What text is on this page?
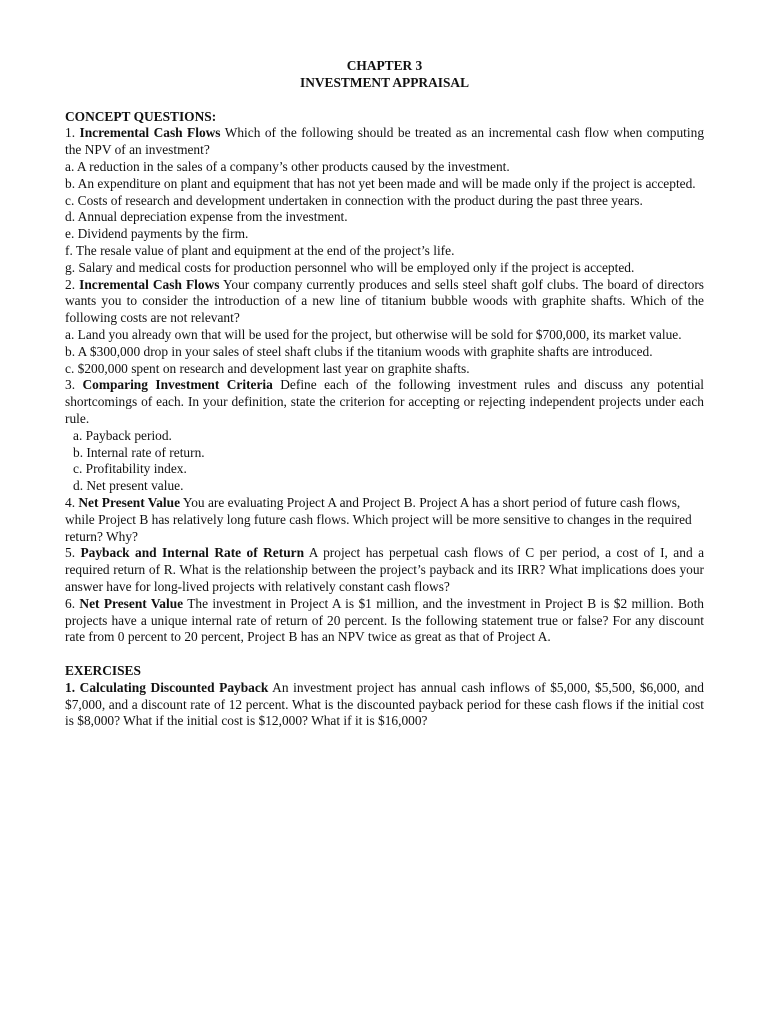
CHAPTER 3
INVESTMENT APPRAISAL
CONCEPT QUESTIONS:

1. Incremental Cash Flows Which of the following should be treated as an incremental cash flow when computing the NPV of an investment?

a. A reduction in the sales of a company’s other products caused by the investment.

b. An expenditure on plant and equipment that has not yet been made and will be made only if the project is accepted.

c. Costs of research and development undertaken in connection with the product during the past three years.

d. Annual depreciation expense from the investment.

e. Dividend payments by the firm.

f. The resale value of plant and equipment at the end of the project’s life.

g. Salary and medical costs for production personnel who will be employed only if the project is accepted.

2. Incremental Cash Flows Your company currently produces and sells steel shaft golf clubs. The board of directors wants you to consider the introduction of a new line of titanium bubble woods with graphite shafts. Which of the following costs are not relevant?

a. Land you already own that will be used for the project, but otherwise will be sold for $700,000, its market value.

b. A $300,000 drop in your sales of steel shaft clubs if the titanium woods with graphite shafts are introduced.

c. $200,000 spent on research and development last year on graphite shafts.

3. Comparing Investment Criteria Define each of the following investment rules and discuss any potential shortcomings of each. In your definition, state the criterion for accepting or rejecting independent projects under each rule.

a. Payback period.

b. Internal rate of return.

c. Profitability index.

d. Net present value.

4. Net Present Value You are evaluating Project A and Project B. Project A has a short period of future cash flows, while Project B has relatively long future cash flows. Which project will be more sensitive to changes in the required return? Why?

5. Payback and Internal Rate of Return A project has perpetual cash flows of C per period, a cost of I, and a required return of R. What is the relationship between the project’s payback and its IRR? What implications does your answer have for long-lived projects with relatively constant cash flows?

6. Net Present Value The investment in Project A is $1 million, and the investment in Project B is $2 million. Both projects have a unique internal rate of return of 20 percent. Is the following statement true or false? For any discount rate from 0 percent to 20 percent, Project B has an NPV twice as great as that of Project A.

EXERCISES

1. Calculating Discounted Payback An investment project has annual cash inflows of $5,000, $5,500, $6,000, and $7,000, and a discount rate of 12 percent. What is the discounted payback period for these cash flows if the initial cost is $8,000? What if the initial cost is $12,000? What if it is $16,000?
